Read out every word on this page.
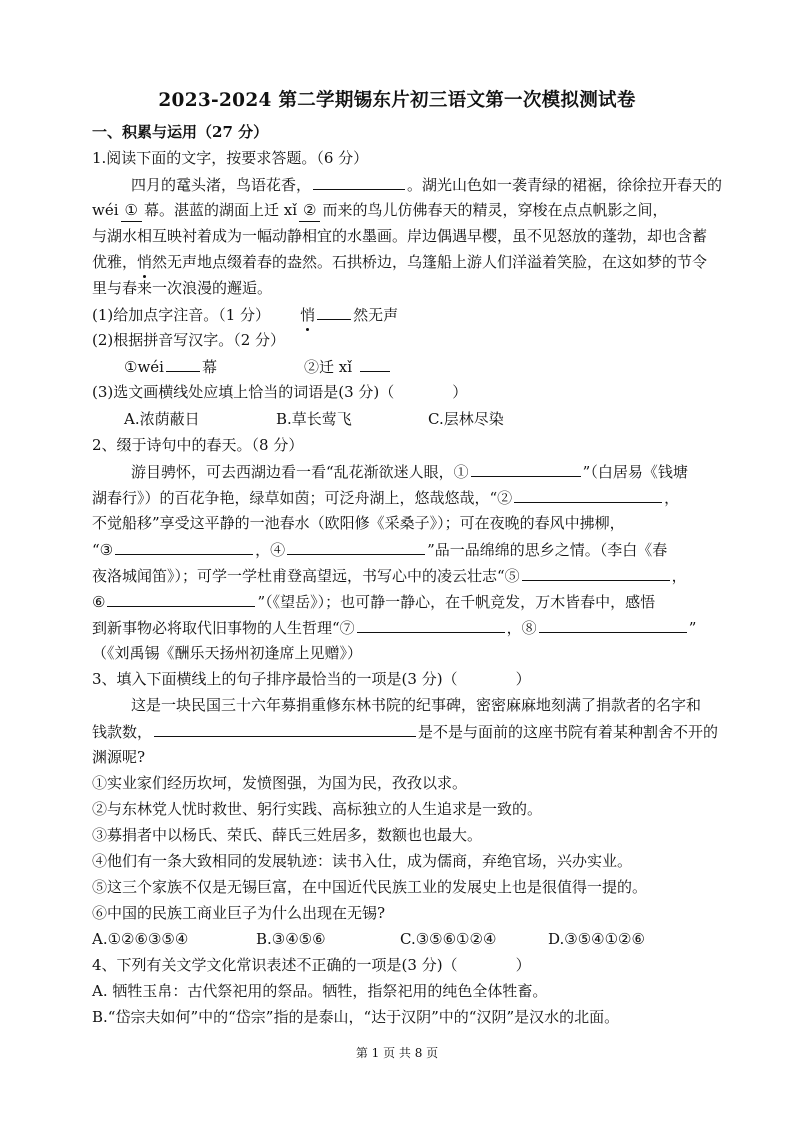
2023-2024 第二学期锡东片初三语文第一次模拟测试卷
一、积累与运用（27 分）
1.阅读下面的文字，按要求答题。（6 分）
四月的鼋头渚，鸟语花香，	。湖光山色如一袭青绿的裙裾，徐徐拉开春天的
wéi ① 幕。湛蓝的湖面上迁 xǐ ② 而来的鸟儿仿佛春天的精灵，穿梭在点点帆影之间，
与湖水相互映衬着成为一幅动静相宜的水墨画。岸边偶遇早樱，虽不见怒放的蓬勃，却也含蓄
优雅，悄然无声地点缀着春的盎然。石拱桥边，乌篷船上游人们洋溢着笑脸，在这如梦的节令
里与春来一次浪漫的邂逅。
(1)给加点字注音。（1 分） 悄	然无声
(2)根据拼音写汉字。（2 分）
①wéi	幕	②迁 xǐ
(3)选文画横线处应填上恰当的词语是(3 分)（	）
A.浓荫蔽日	B.草长莺飞	C.层林尽染
2、缀于诗句中的春天。（8 分）
游目骋怀，可去西湖边看一看“乱花渐欲迷人眼，①	”（白居易《钱塘
湖春行》）的百花争艳，绿草如茵；可泛舟湖上，悠哉悠哉，“②	，
不觉船移”享受这平静的一池春水（欧阳修《采桑子》）；可在夜晚的春风中拂柳，
“③	，④	”品一品绵绵的思乡之情。（李白《春
夜洛城闻笛》）；可学一学杜甫登高望远，书写心中的凌云壮志“⑤	，
⑥	”（《望岳》）；也可静一静心，在千帆竞发，万木皆春中，感悟
到新事物必将取代旧事物的人生哲理“⑦	，⑧	”
（《刘禹锡《酬乐天扬州初逢席上见赠》）
3、填入下面横线上的句子排序最恰当的一项是(3 分)（	）
这是一块民国三十六年募捐重修东林书院的纪事碑，密密麻麻地刻满了捐款者的名字和
钱款数，	是不是与面前的这座书院有着某种割舍不开的
渊源呢?
①实业家们经历坎坷，发愤图强，为国为民，孜孜以求。
②与东林党人忧时救世、躬行实践、高标独立的人生追求是一致的。
③募捐者中以杨氏、荣氏、薛氏三姓居多，数额也也最大。
④他们有一条大致相同的发展轨迹：读书入仕，成为儒商，弃绝官场，兴办实业。
⑤这三个家族不仅是无锡巨富，在中国近代民族工业的发展史上也是很值得一提的。
⑥中国的民族工商业巨子为什么出现在无锡?
A.①②⑥③⑤④	B.③④⑤⑥	C.③⑤⑥①②④	D.③⑤④①②⑥
4、下列有关文学文化常识表述不正确的一项是(3 分)（	）
A. 牺牲玉帛：古代祭祀用的祭品。牺牲，指祭祀用的纯色全体牲畜。
B.“岱宗夫如何”中的“岱宗”指的是泰山，“达于汉阴”中的“汉阴”是汉水的北面。
第 1 页 共 8 页
